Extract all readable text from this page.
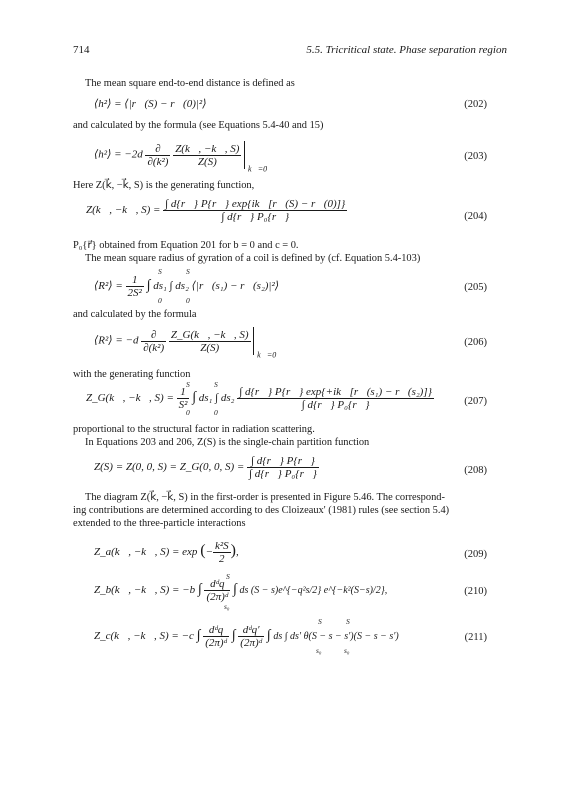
714	5.5. Tricritical state. Phase separation region
The mean square end-to-end distance is defined as
⟨h²⟩ = ⟨|r⃗(S) − r⃗(0)|²⟩	(202)
and calculated by the formula (see Equations 5.4-40 and 15)
⟨h²⟩ = $-2d \frac{\partial}{\text{∂(k²)}}$
$\frac{Z(k⃗, -k⃗, S)}{Z(S)}$
$_{k⃗=0}$
(203)
Here Z(k⃗, −k⃗, S) is the generating function,
Z(k⃗, −k⃗, $S) = \frac{\int d\{r⃗\} P\{r⃗\} \exp\{ik⃗[r⃗(S) - r⃗(0)]\}}{\text{∫ d\{r⃗\} P₀\{r⃗\}}}$	(204)
P₀{r⃗} obtained from Equation 201 for b = 0 and c = 0.
The mean square radius of gyration of a coil is defined by (cf. Equation 5.4-103)
S	S
⟨R²⟩ = $\frac{1}{\text{2S²}}$ ∫ ds₁ ∫ ds₂ ⟨|r⃗(s₁) − r⃗(s₂)|²⟩
0	0
(205)
and calculated by the formula
⟨R²⟩ = $-d \frac{\partial}{\text{∂(k²)}}$
$\frac{Z\_G(k⃗, -k⃗, S)}{Z(S)}$
$_{k⃗=0}$
(206)
with the generating function
S	S
Z_G(k⃗, −k⃗, $S) = \frac{1}{\text{S²}}$ ∫ ds₁ ∫ $ds_2 \frac{\text{∫ d\{r⃗\} P\{r⃗\} exp\{+ik⃗[r⃗(s₁) − r⃗(s₂)]\}}}{\text{∫ d\{r⃗\} P₀\{r⃗\}}}$
0	0
(207)
proportional to the structural factor in radiation scattering.
In Equations 203 and 206, Z(S) is the single-chain partition function
Z(S) = Z(0, 0, S) = Z_G(0, 0, $S) = \frac{\int d\{r⃗\} P\{r⃗\}}{\text{∫ d\{r⃗\} P₀\{r⃗\}}}$	(208)
The diagram Z(k⃗, −k⃗, S) in the first-order is presented in Figure 5.46. The correspond-
ing contributions are determined according to des Cloizeaux' (1981) rules (see section 5.4)
extended to the three-particle interactions
Z_a(k⃗, −k⃗, S) = exp (− $\frac{\text{k²S}}{2}$ ),	(209)
S
Z_b(k⃗, −k⃗, S) = −b ∫ $\frac{\text{dᵈq}}{\text{(2π)ᵈ}}$ ∫ ds (S − s)e^{−q²s/2} e^{−k²(S−s)/2},
s₀
(210)
S	S
Z_c(k⃗, −k⃗, S) = −c ∫ $\frac{\text{dᵈq}}{\text{(2π)ᵈ}}$ ∫ $\frac{\text{dᵈq′}}{\text{(2π)ᵈ}}$ ∫ ds ∫ ds′ θ(S − s − s′)(S − s − s′)
s₀	s₀
(211)
